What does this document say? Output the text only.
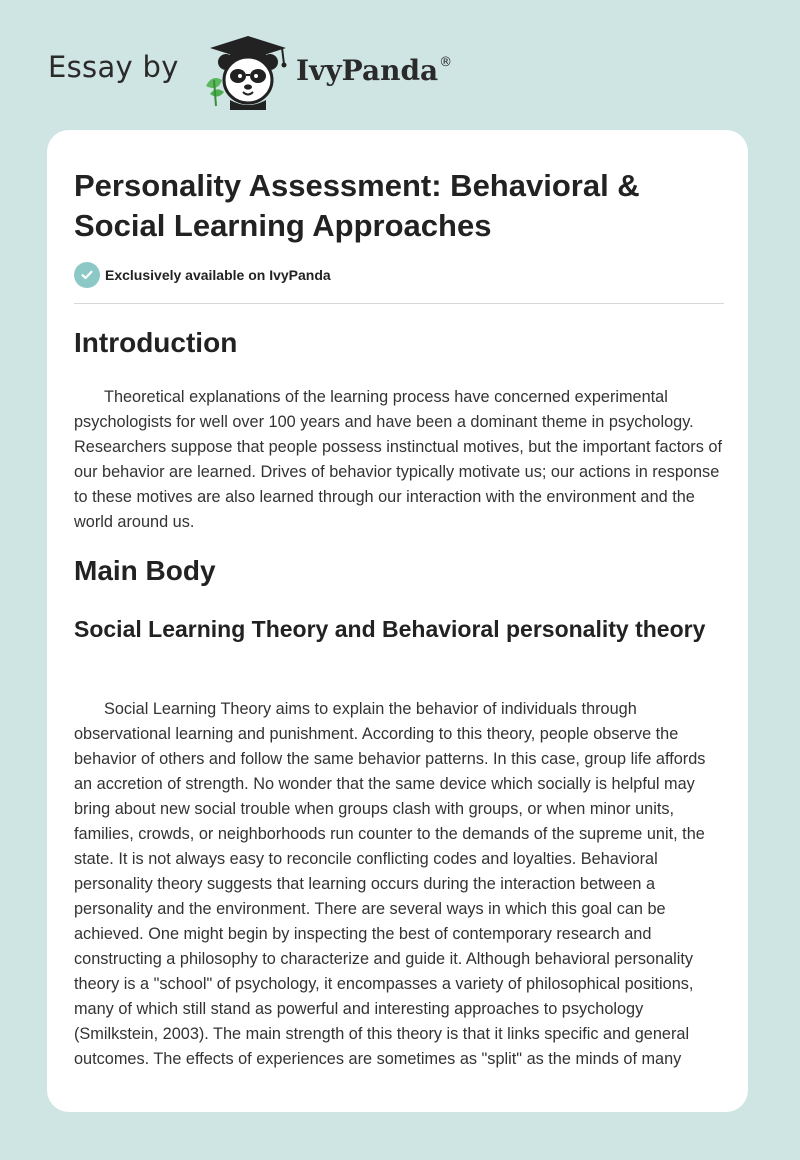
Essay by	IvyPanda®
Personality Assessment: Behavioral & Social Learning Approaches
Exclusively available on IvyPanda
Introduction

Theoretical explanations of the learning process have concerned experimental psychologists for well over 100 years and have been a dominant theme in psychology. Researchers suppose that people possess instinctual motives, but the important factors of our behavior are learned. Drives of behavior typically motivate us; our actions in response to these motives are also learned through our interaction with the environment and the world around us.

Main Body
Social Learning Theory and Behavioral personality theory

Social Learning Theory aims to explain the behavior of individuals through observational learning and punishment. According to this theory, people observe the behavior of others and follow the same behavior patterns. In this case, group life affords an accretion of strength. No wonder that the same device which socially is helpful may bring about new social trouble when groups clash with groups, or when minor units, families, crowds, or neighborhoods run counter to the demands of the supreme unit, the state. It is not always easy to reconcile conflicting codes and loyalties. Behavioral personality theory suggests that learning occurs during the interaction between a personality and the environment. There are several ways in which this goal can be achieved. One might begin by inspecting the best of contemporary research and constructing a philosophy to characterize and guide it. Although behavioral personality theory is a "school" of psychology, it encompasses a variety of philosophical positions, many of which still stand as powerful and interesting approaches to psychology (Smilkstein, 2003). The main strength of this theory is that it links specific and general outcomes. The effects of experiences are sometimes as "split" as the minds of many
